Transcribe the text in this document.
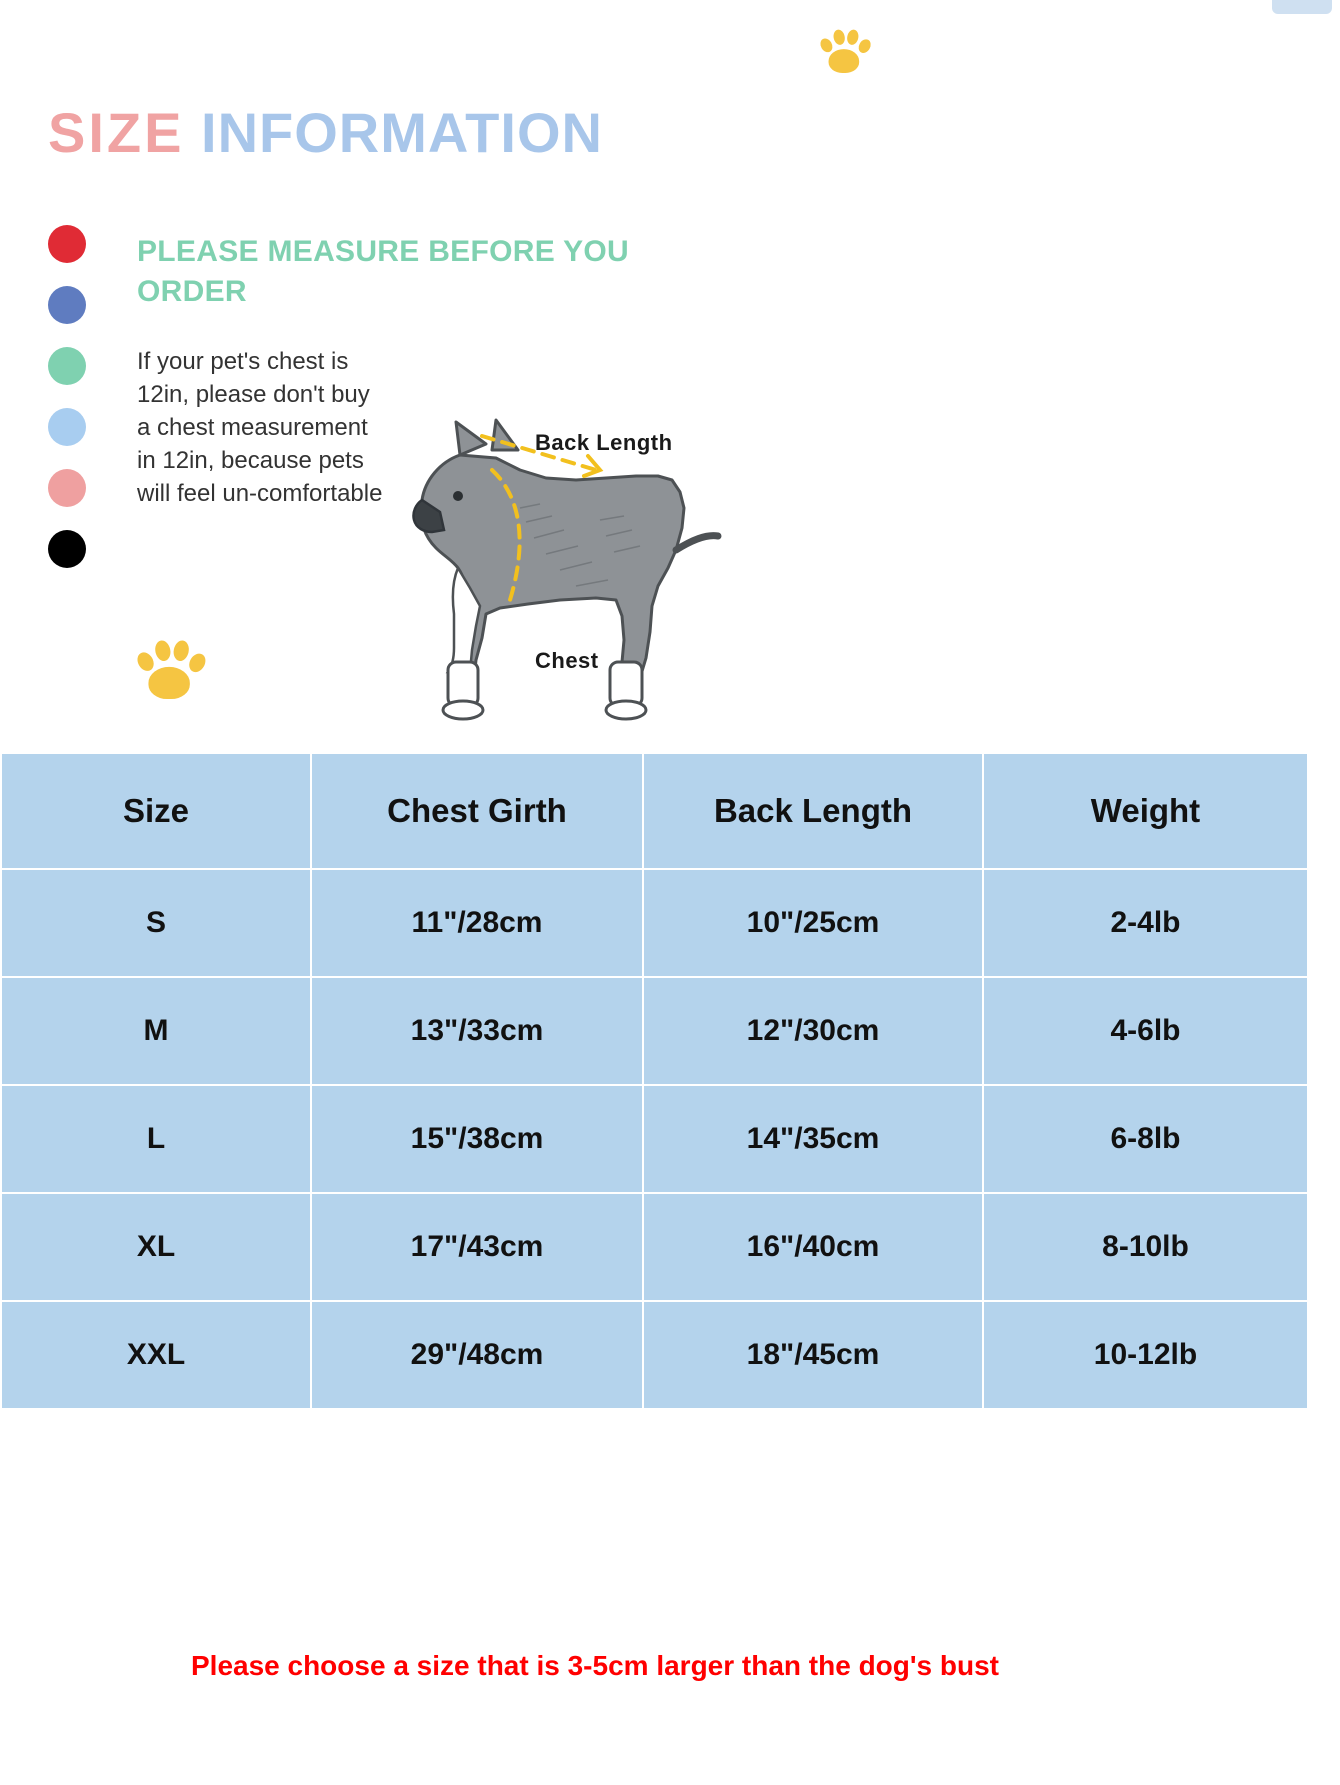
SIZE INFORMATION
PLEASE MEASURE BEFORE YOU ORDER
If your pet's chest is 12in, please don't buy a chest measurement in 12in, because pets will feel un-comfortable
Back Length
Chest
Size	Chest Girth	Back Length	Weight
S	11"/28cm	10"/25cm	2-4lb
M	13"/33cm	12"/30cm	4-6lb
L	15"/38cm	14"/35cm	6-8lb
XL	17"/43cm	16"/40cm	8-10lb
XXL	29"/48cm	18"/45cm	10-12lb
Please choose a size that is 3-5cm larger than the dog's bust
